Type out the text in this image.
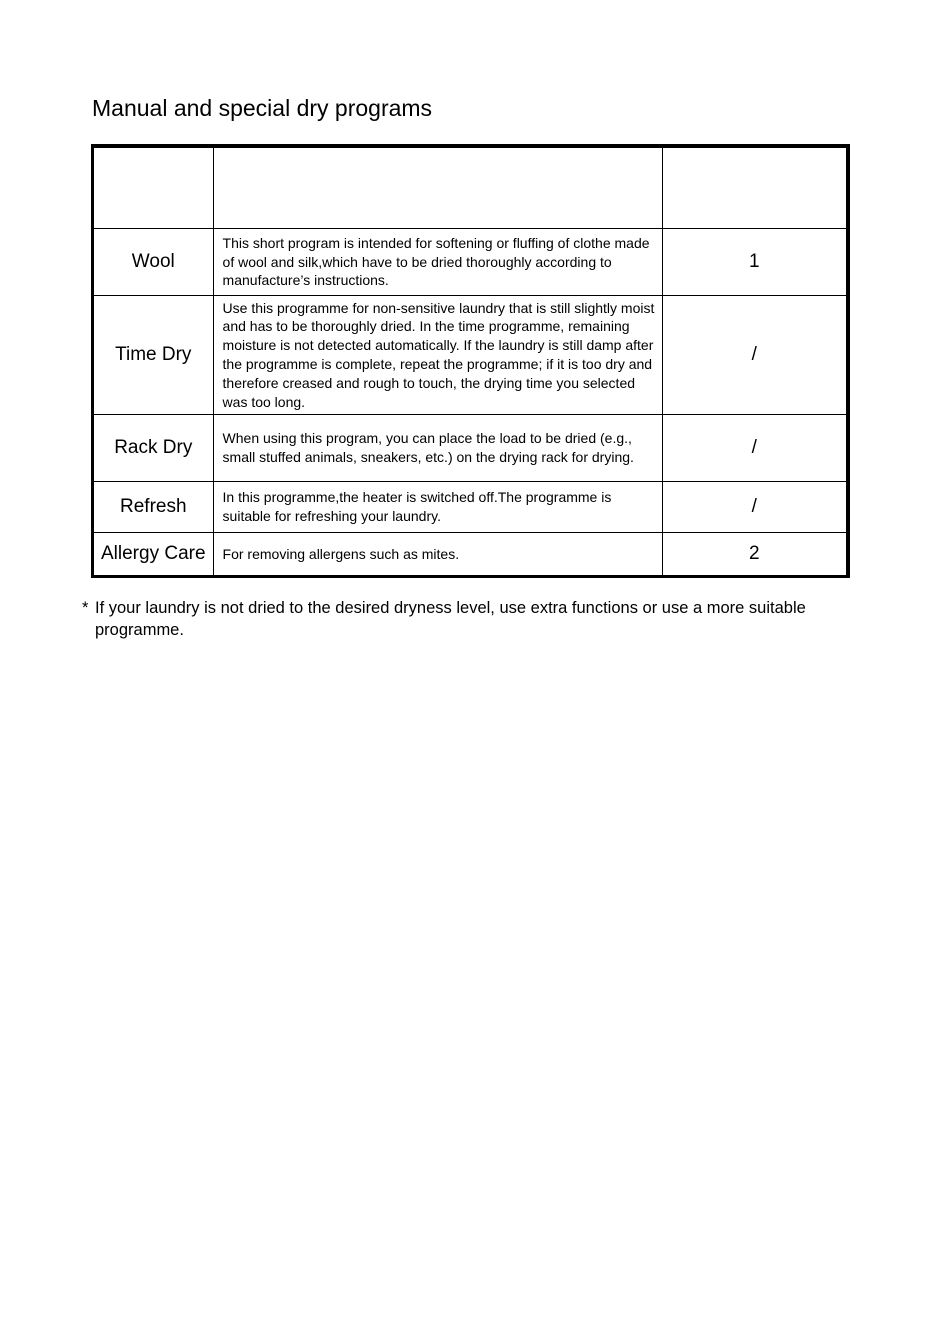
Manual and special dry programs

Wool	This short program is intended for softening or fluffing of clothe made of wool and silk,which have to be dried thoroughly according to manufacture’s instructions.	1
Time Dry	Use this programme for non-sensitive laundry that is still slightly moist and has to be thoroughly dried. In the time programme, remaining moisture is not detected automatically. If the laundry is still damp after the programme is complete, repeat the programme; if it is too dry and therefore creased and rough to touch, the drying time you selected was too long.	/
Rack Dry	When using this program, you can place the load to be dried (e.g., small stuffed animals, sneakers, etc.) on the drying rack for drying.	/
Refresh	In this programme,the heater is switched off.The programme is suitable for refreshing your laundry.	/
Allergy Care	For removing allergens such as mites.	2
* If your laundry is not dried to the desired dryness level, use extra functions or use a more suitable programme.
